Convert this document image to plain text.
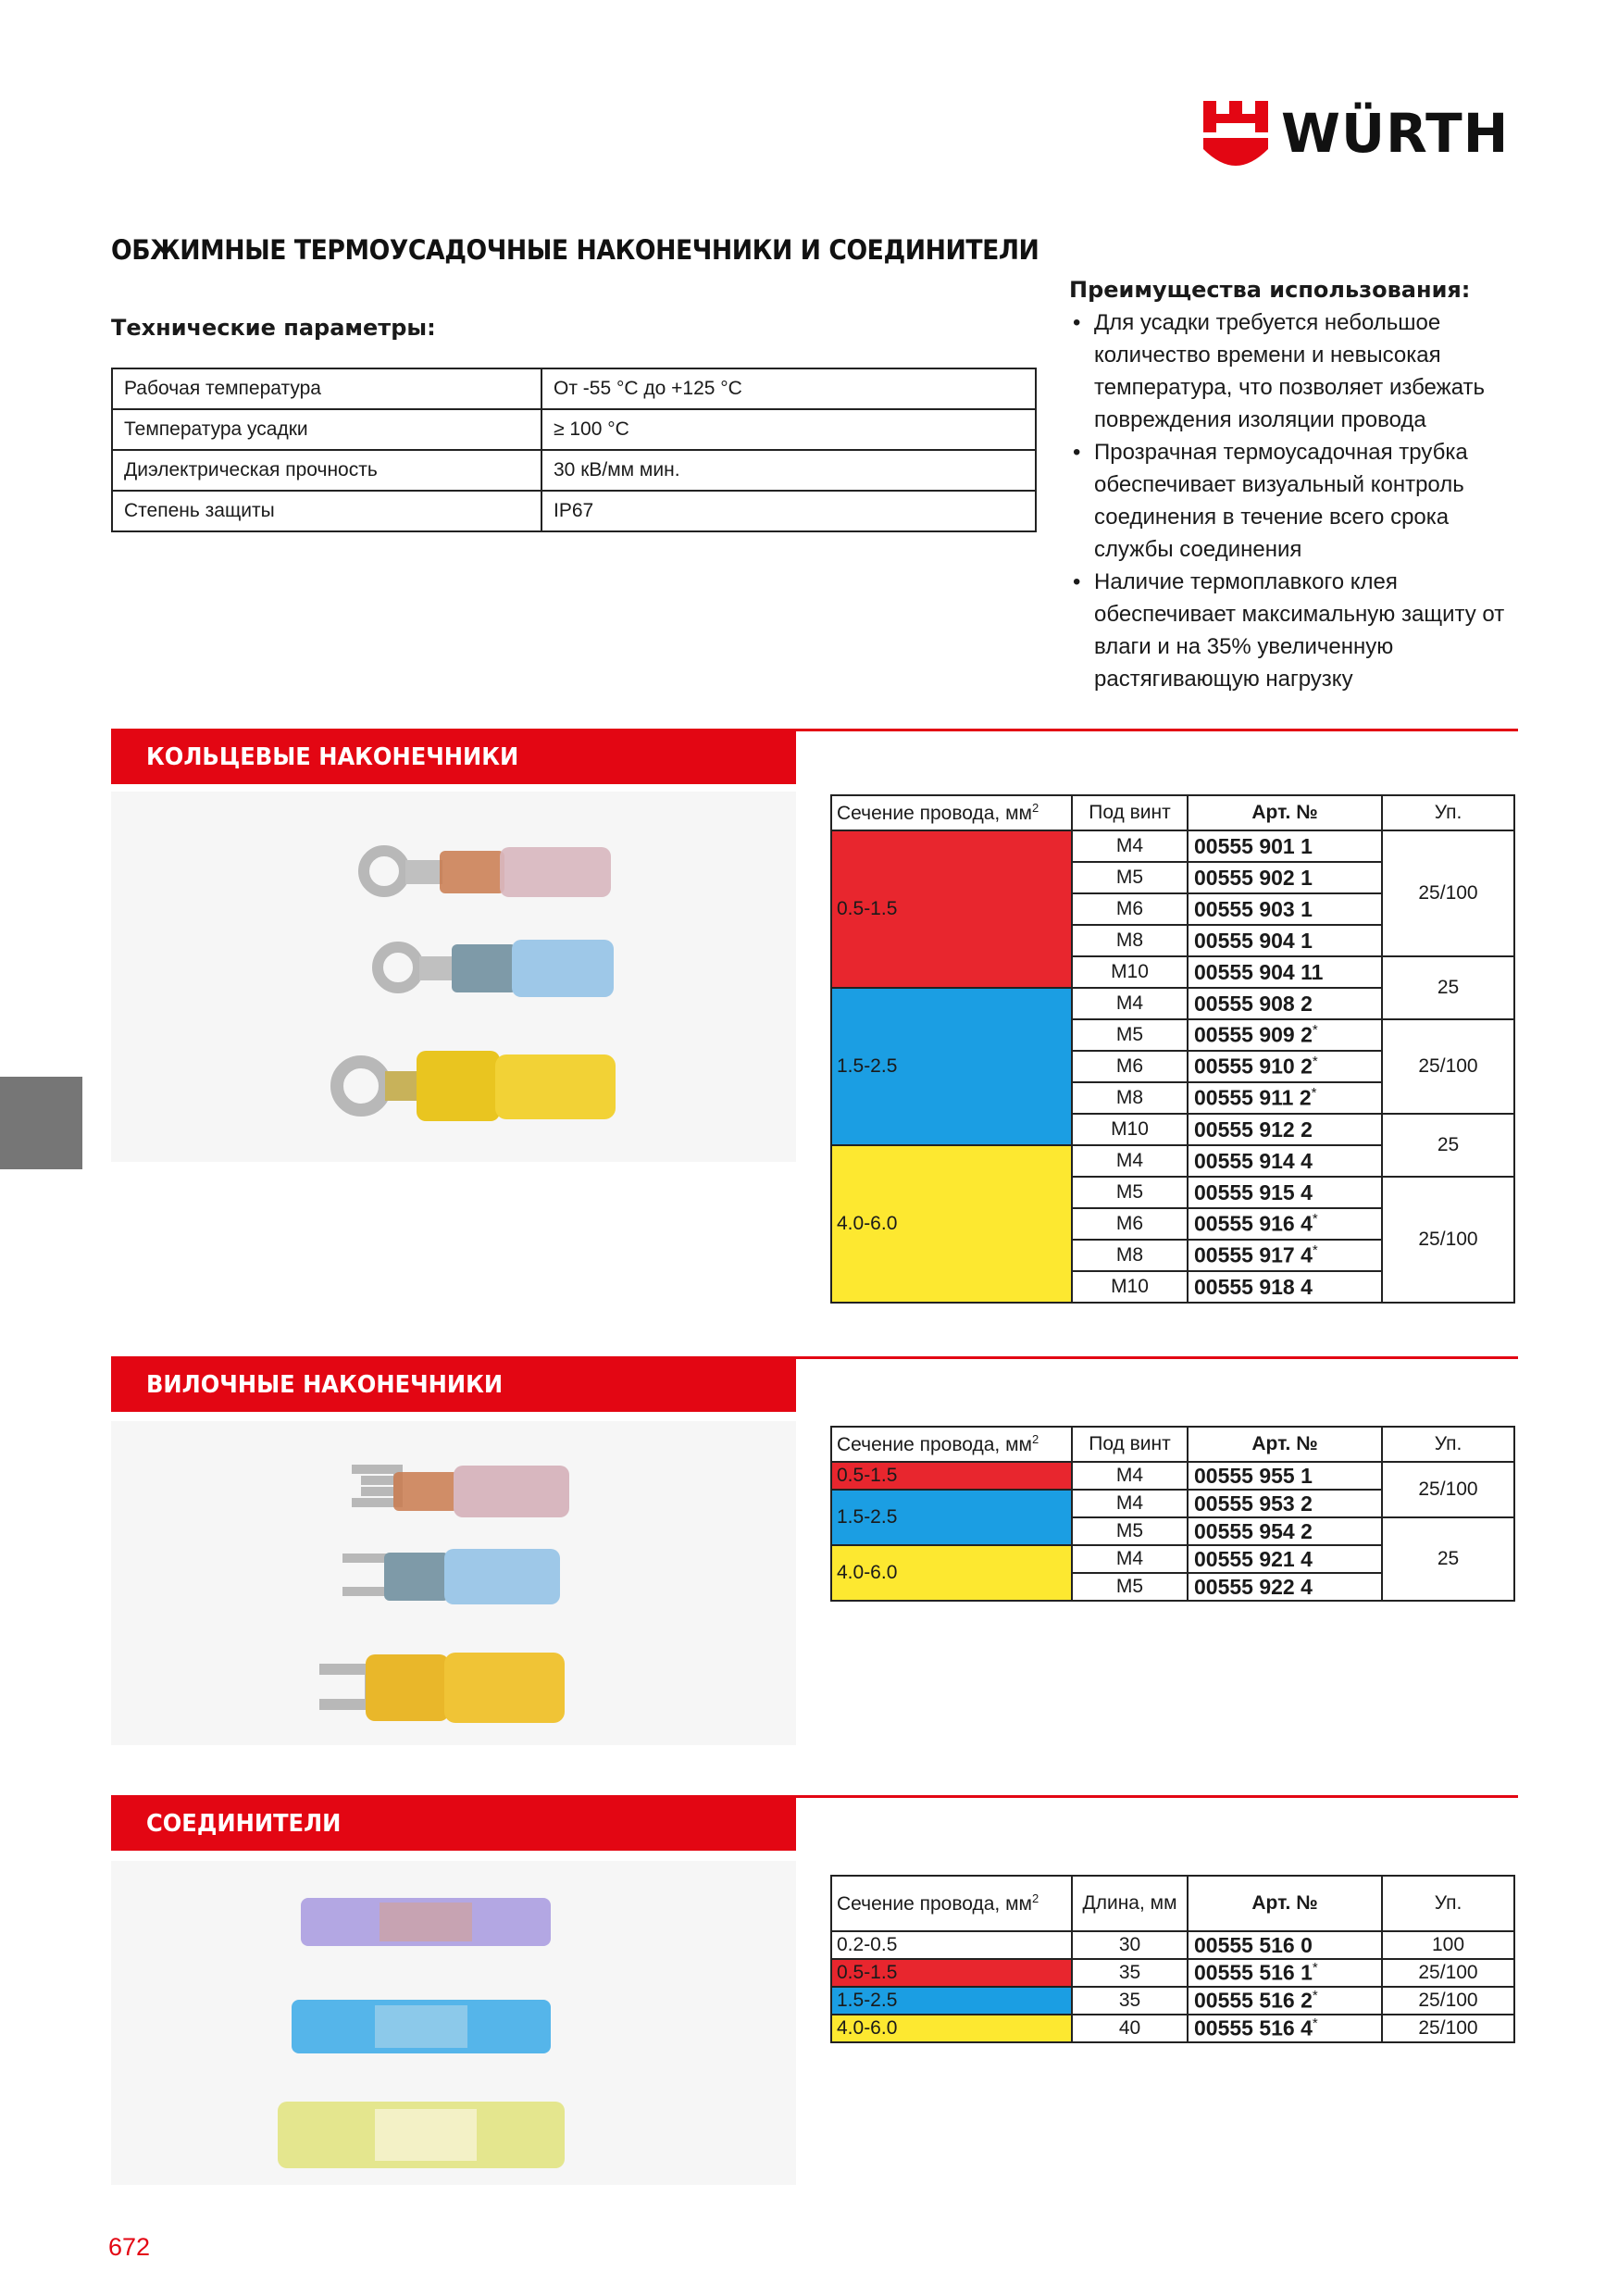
WÜRTH
ОБЖИМНЫЕ ТЕРМОУСАДОЧНЫЕ НАКОНЕЧНИКИ И СОЕДИНИТЕЛИ
Технические параметры:
Рабочая температура	От -55 °C до +125 °C
Температура усадки	≥ 100 °C
Диэлектрическая прочность	30 кВ/мм мин.
Степень защиты	IP67
Преимущества использования:
• Для усадки требуется небольшое количество времени и невысокая температура, что позволяет избежать повреждения изоляции провода
• Прозрачная термоусадочная трубка обеспечивает визуальный контроль соединения в течение всего срока службы соединения
• Наличие термоплавкого клея обеспечивает максимальную защиту от влаги и на 35% увеличенную растягивающую нагрузку
КОЛЬЦЕВЫЕ НАКОНЕЧНИКИ
Сечение провода, $мм^2$	Под винт	Арт. №	Уп.
0.5-1.5	M4	00555 901 1	25/100
	M5	00555 902 1	
	M6	00555 903 1	
	M8	00555 904 1	
	M10	00555 904 11	25
1.5-2.5	M4	00555 908 2	
	M5	00555 909 2*	25/100
	M6	00555 910 2*
	M8	00555 911 2*
	M10	00555 912 2	25
4.0-6.0	M4	00555 914 4	
	M5	00555 915 4	25/100
	M6	00555 916 4*
	M8	00555 917 4*
	M10	00555 918 4	
ВИЛОЧНЫЕ НАКОНЕЧНИКИ
Сечение провода, $мм^2$	Под винт	Арт. №	Уп.
0.5-1.5	M4	00555 955 1	25/100
1.5-2.5	M4	00555 953 2	
	M5	00555 954 2	25
4.0-6.0	M4	00555 921 4	
	M5	00555 922 4	
СОЕДИНИТЕЛИ
Сечение провода, $мм^2$	Длина, мм	Арт. №	Уп.
0.2-0.5	30	00555 516 0	100
0.5-1.5	35	00555 516 1*	25/100
1.5-2.5	35	00555 516 2*	25/100
4.0-6.0	40	00555 516 4*	25/100
672
